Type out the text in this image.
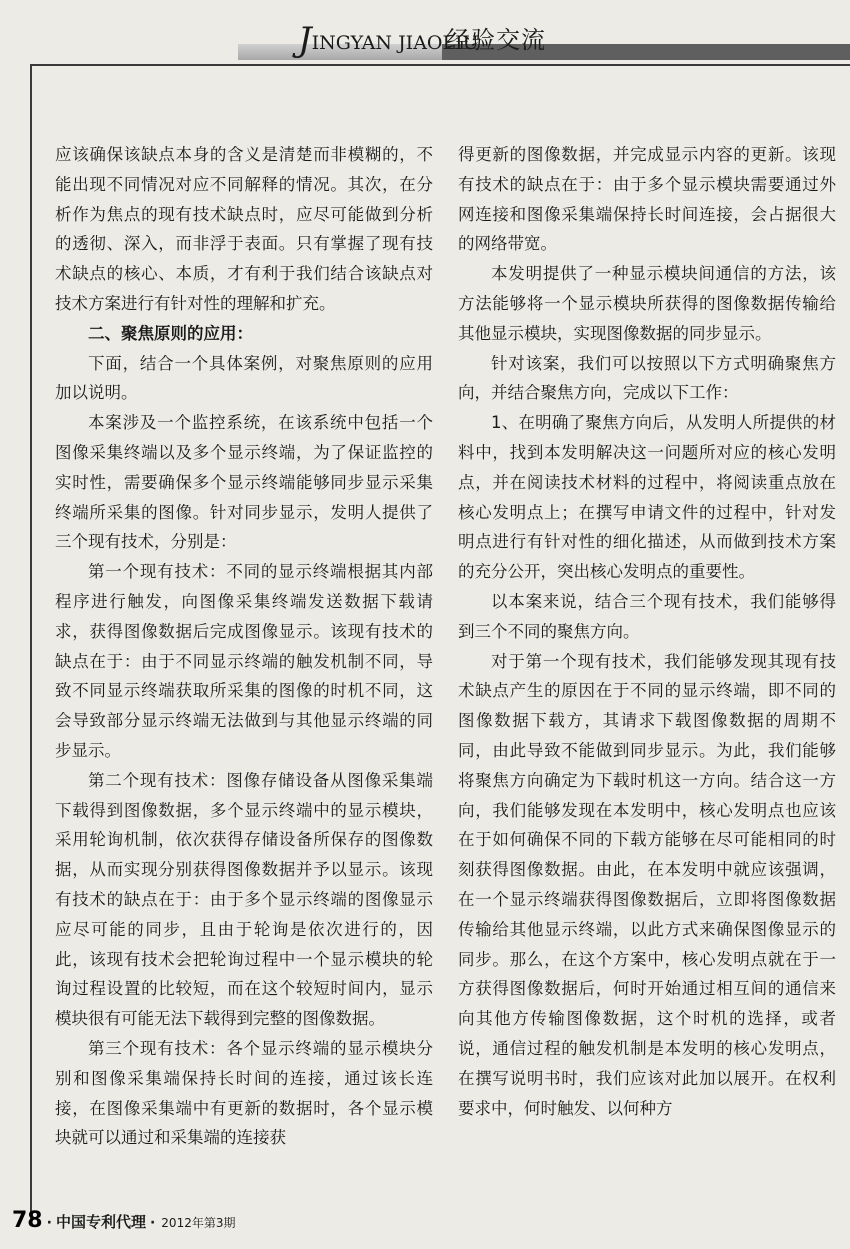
JINGYAN JIAOLIU
经验交流

应该确保该缺点本身的含义是清楚而非模糊的，不能出现不同情况对应不同解释的情况。其次，在分析作为焦点的现有技术缺点时，应尽可能做到分析的透彻、深入，而非浮于表面。只有掌握了现有技术缺点的核心、本质，才有利于我们结合该缺点对技术方案进行有针对性的理解和扩充。

二、聚焦原则的应用：

下面，结合一个具体案例，对聚焦原则的应用加以说明。

本案涉及一个监控系统，在该系统中包括一个图像采集终端以及多个显示终端，为了保证监控的实时性，需要确保多个显示终端能够同步显示采集终端所采集的图像。针对同步显示，发明人提供了三个现有技术，分别是：

第一个现有技术：不同的显示终端根据其内部程序进行触发，向图像采集终端发送数据下载请求，获得图像数据后完成图像显示。该现有技术的缺点在于：由于不同显示终端的触发机制不同，导致不同显示终端获取所采集的图像的时机不同，这会导致部分显示终端无法做到与其他显示终端的同步显示。

第二个现有技术：图像存储设备从图像采集端下载得到图像数据，多个显示终端中的显示模块，采用轮询机制，依次获得存储设备所保存的图像数据，从而实现分别获得图像数据并予以显示。该现有技术的缺点在于：由于多个显示终端的图像显示应尽可能的同步，且由于轮询是依次进行的，因此，该现有技术会把轮询过程中一个显示模块的轮询过程设置的比较短，而在这个较短时间内，显示模块很有可能无法下载得到完整的图像数据。

第三个现有技术：各个显示终端的显示模块分别和图像采集端保持长时间的连接，通过该长连接，在图像采集端中有更新的数据时，各个显示模块就可以通过和采集端的连接获

得更新的图像数据，并完成显示内容的更新。该现有技术的缺点在于：由于多个显示模块需要通过外网连接和图像采集端保持长时间连接，会占据很大的网络带宽。

本发明提供了一种显示模块间通信的方法，该方法能够将一个显示模块所获得的图像数据传输给其他显示模块，实现图像数据的同步显示。

针对该案，我们可以按照以下方式明确聚焦方向，并结合聚焦方向，完成以下工作：

1、在明确了聚焦方向后，从发明人所提供的材料中，找到本发明解决这一问题所对应的核心发明点，并在阅读技术材料的过程中，将阅读重点放在核心发明点上；在撰写申请文件的过程中，针对发明点进行有针对性的细化描述，从而做到技术方案的充分公开，突出核心发明点的重要性。

以本案来说，结合三个现有技术，我们能够得到三个不同的聚焦方向。

对于第一个现有技术，我们能够发现其现有技术缺点产生的原因在于不同的显示终端，即不同的图像数据下载方，其请求下载图像数据的周期不同，由此导致不能做到同步显示。为此，我们能够将聚焦方向确定为下载时机这一方向。结合这一方向，我们能够发现在本发明中，核心发明点也应该在于如何确保不同的下载方能够在尽可能相同的时刻获得图像数据。由此，在本发明中就应该强调，在一个显示终端获得图像数据后，立即将图像数据传输给其他显示终端，以此方式来确保图像显示的同步。那么，在这个方案中，核心发明点就在于一方获得图像数据后，何时开始通过相互间的通信来向其他方传输图像数据，这个时机的选择，或者说，通信过程的触发机制是本发明的核心发明点，在撰写说明书时，我们应该对此加以展开。在权利要求中，何时触发、以何种方

78 · 中国专利代理 · 2012年第3期
